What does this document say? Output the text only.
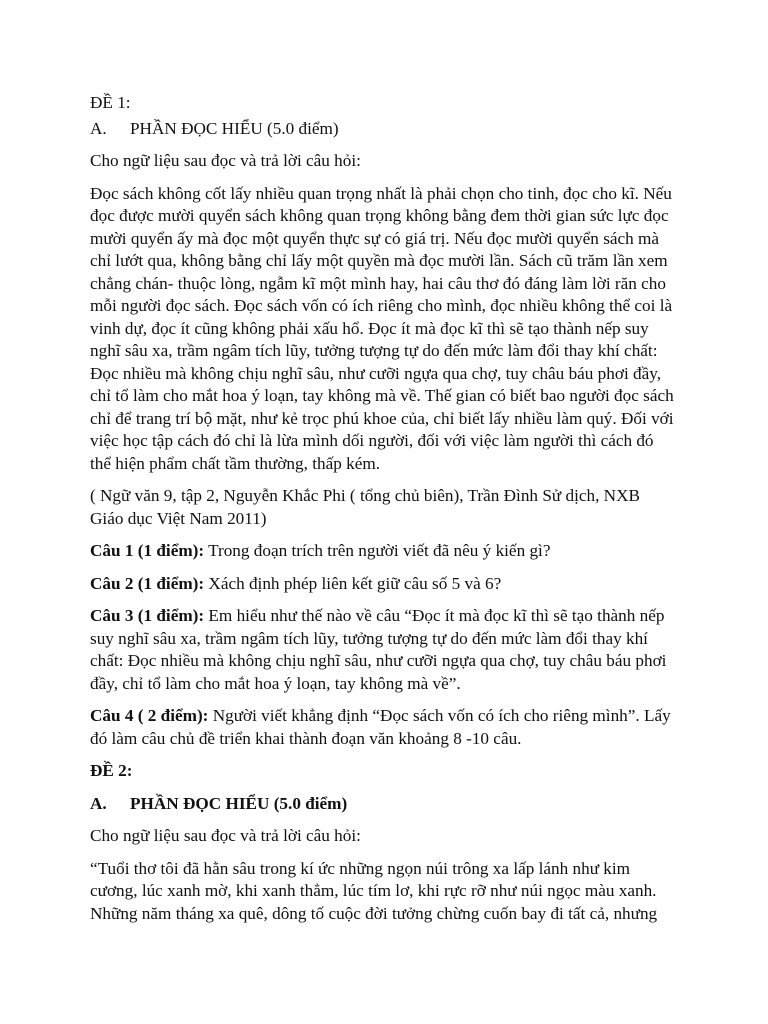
ĐỀ 1:

A.	PHẦN ĐỌC HIỂU (5.0 điểm)

Cho ngữ liệu sau đọc và trả lời câu hỏi:

Đọc sách không cốt lấy nhiều quan trọng nhất là phải chọn cho tinh, đọc cho kĩ. Nếu đọc được mười quyển sách không quan trọng không bằng đem thời gian sức lực đọc mười quyển ấy mà đọc một quyển thực sự có giá trị. Nếu đọc mười quyển sách mà chỉ lướt qua, không bằng chỉ lấy một quyền mà đọc mười lần. Sách cũ trăm lần xem chẳng chán- thuộc lòng, ngẫm kĩ một mình hay, hai câu thơ đó đáng làm lời răn cho mỗi người đọc sách. Đọc sách vốn có ích riêng cho mình, đọc nhiều không thể coi là vinh dự, đọc ít cũng không phải xấu hổ. Đọc ít mà đọc kĩ thì sẽ tạo thành nếp suy nghĩ sâu xa, trầm ngâm tích lũy, tưởng tượng tự do đến mức làm đổi thay khí chất: Đọc nhiều mà không chịu nghĩ sâu, như cưỡi ngựa qua chợ, tuy châu báu phơi đầy, chỉ tổ làm cho mắt hoa ý loạn, tay không mà về. Thế gian có biết bao người đọc sách chỉ để trang trí bộ mặt, như kẻ trọc phú khoe của, chỉ biết lấy nhiều làm quý. Đối với việc học tập cách đó chỉ là lừa mình dối người, đối với việc làm người thì cách đó thể hiện phẩm chất tầm thường, thấp kém.

( Ngữ văn 9, tập 2, Nguyễn Khắc Phi ( tổng chủ biên), Trần Đình Sử dịch, NXB Giáo dục Việt Nam 2011)

Câu 1 (1 điểm): Trong đoạn trích trên người viết đã nêu ý kiến gì?

Câu 2 (1 điểm): Xách định phép liên kết giữ câu số 5 và 6?

Câu 3 (1 điểm): Em hiểu như thế nào về câu “Đọc ít mà đọc kĩ thì sẽ tạo thành nếp suy nghĩ sâu xa, trầm ngâm tích lũy, tưởng tượng tự do đến mức làm đổi thay khí chất: Đọc nhiều mà không chịu nghĩ sâu, như cưỡi ngựa qua chợ, tuy châu báu phơi đầy, chỉ tổ làm cho mắt hoa ý loạn, tay không mà về”.

Câu 4 ( 2 điểm): Người viết khẳng định “Đọc sách vốn có ích cho riêng mình”. Lấy đó làm câu chủ đề triển khai thành đoạn văn khoảng 8 -10 câu.

ĐỀ 2:

A.	PHẦN ĐỌC HIỂU (5.0 điểm)

Cho ngữ liệu sau đọc và trả lời câu hỏi:

“Tuổi thơ tôi đã hằn sâu trong kí ức những ngọn núi trông xa lấp lánh như kim cương, lúc xanh mờ, khi xanh thẳm, lúc tím lơ, khi rực rỡ như núi ngọc màu xanh. Những năm tháng xa quê, dông tố cuộc đời tưởng chừng cuốn bay đi tất cả, nhưng
